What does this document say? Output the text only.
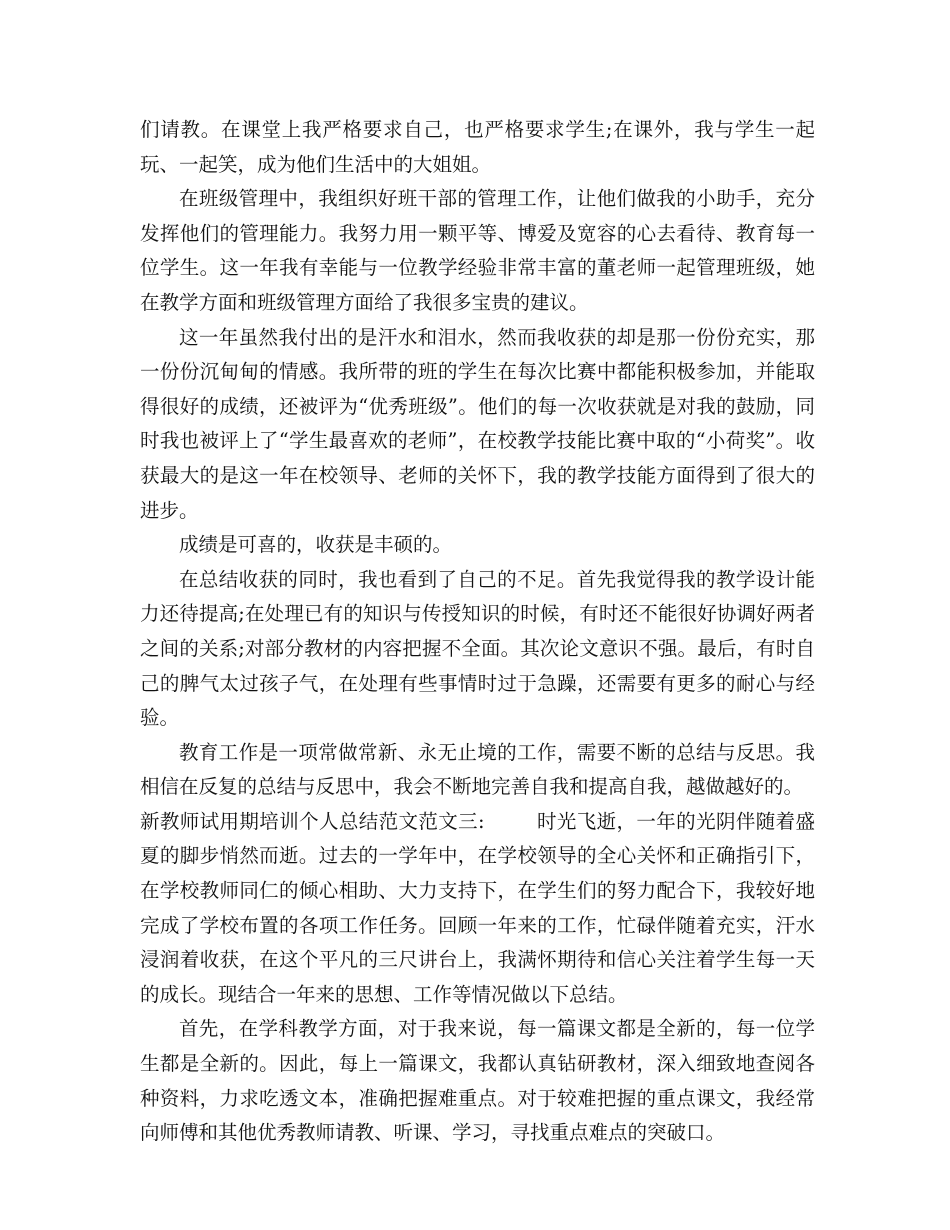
们请教。在课堂上我严格要求自己，也严格要求学生;在课外，我与学生一起玩、一起笑，成为他们生活中的大姐姐。

在班级管理中，我组织好班干部的管理工作，让他们做我的小助手，充分发挥他们的管理能力。我努力用一颗平等、博爱及宽容的心去看待、教育每一位学生。这一年我有幸能与一位教学经验非常丰富的董老师一起管理班级，她在教学方面和班级管理方面给了我很多宝贵的建议。

这一年虽然我付出的是汗水和泪水，然而我收获的却是那一份份充实，那一份份沉甸甸的情感。我所带的班的学生在每次比赛中都能积极参加，并能取得很好的成绩，还被评为“优秀班级”。他们的每一次收获就是对我的鼓励，同时我也被评上了“学生最喜欢的老师”，在校教学技能比赛中取的“小荷奖”。收获最大的是这一年在校领导、老师的关怀下，我的教学技能方面得到了很大的进步。

成绩是可喜的，收获是丰硕的。

在总结收获的同时，我也看到了自己的不足。首先我觉得我的教学设计能力还待提高;在处理已有的知识与传授知识的时候，有时还不能很好协调好两者之间的关系;对部分教材的内容把握不全面。其次论文意识不强。最后，有时自己的脾气太过孩子气，在处理有些事情时过于急躁，还需要有更多的耐心与经验。

教育工作是一项常做常新、永无止境的工作，需要不断的总结与反思。我相信在反复的总结与反思中，我会不断地完善自我和提高自我，越做越好的。

新教师试用期培训个人总结范文范文三:	时光飞逝，一年的光阴伴随着盛夏的脚步悄然而逝。过去的一学年中，在学校领导的全心关怀和正确指引下，在学校教师同仁的倾心相助、大力支持下，在学生们的努力配合下，我较好地完成了学校布置的各项工作任务。回顾一年来的工作，忙碌伴随着充实，汗水浸润着收获，在这个平凡的三尺讲台上，我满怀期待和信心关注着学生每一天的成长。现结合一年来的思想、工作等情况做以下总结。

首先，在学科教学方面，对于我来说，每一篇课文都是全新的，每一位学生都是全新的。因此，每上一篇课文，我都认真钻研教材，深入细致地查阅各种资料，力求吃透文本，准确把握难重点。对于较难把握的重点课文，我经常向师傅和其他优秀教师请教、听课、学习，寻找重点难点的突破口。
